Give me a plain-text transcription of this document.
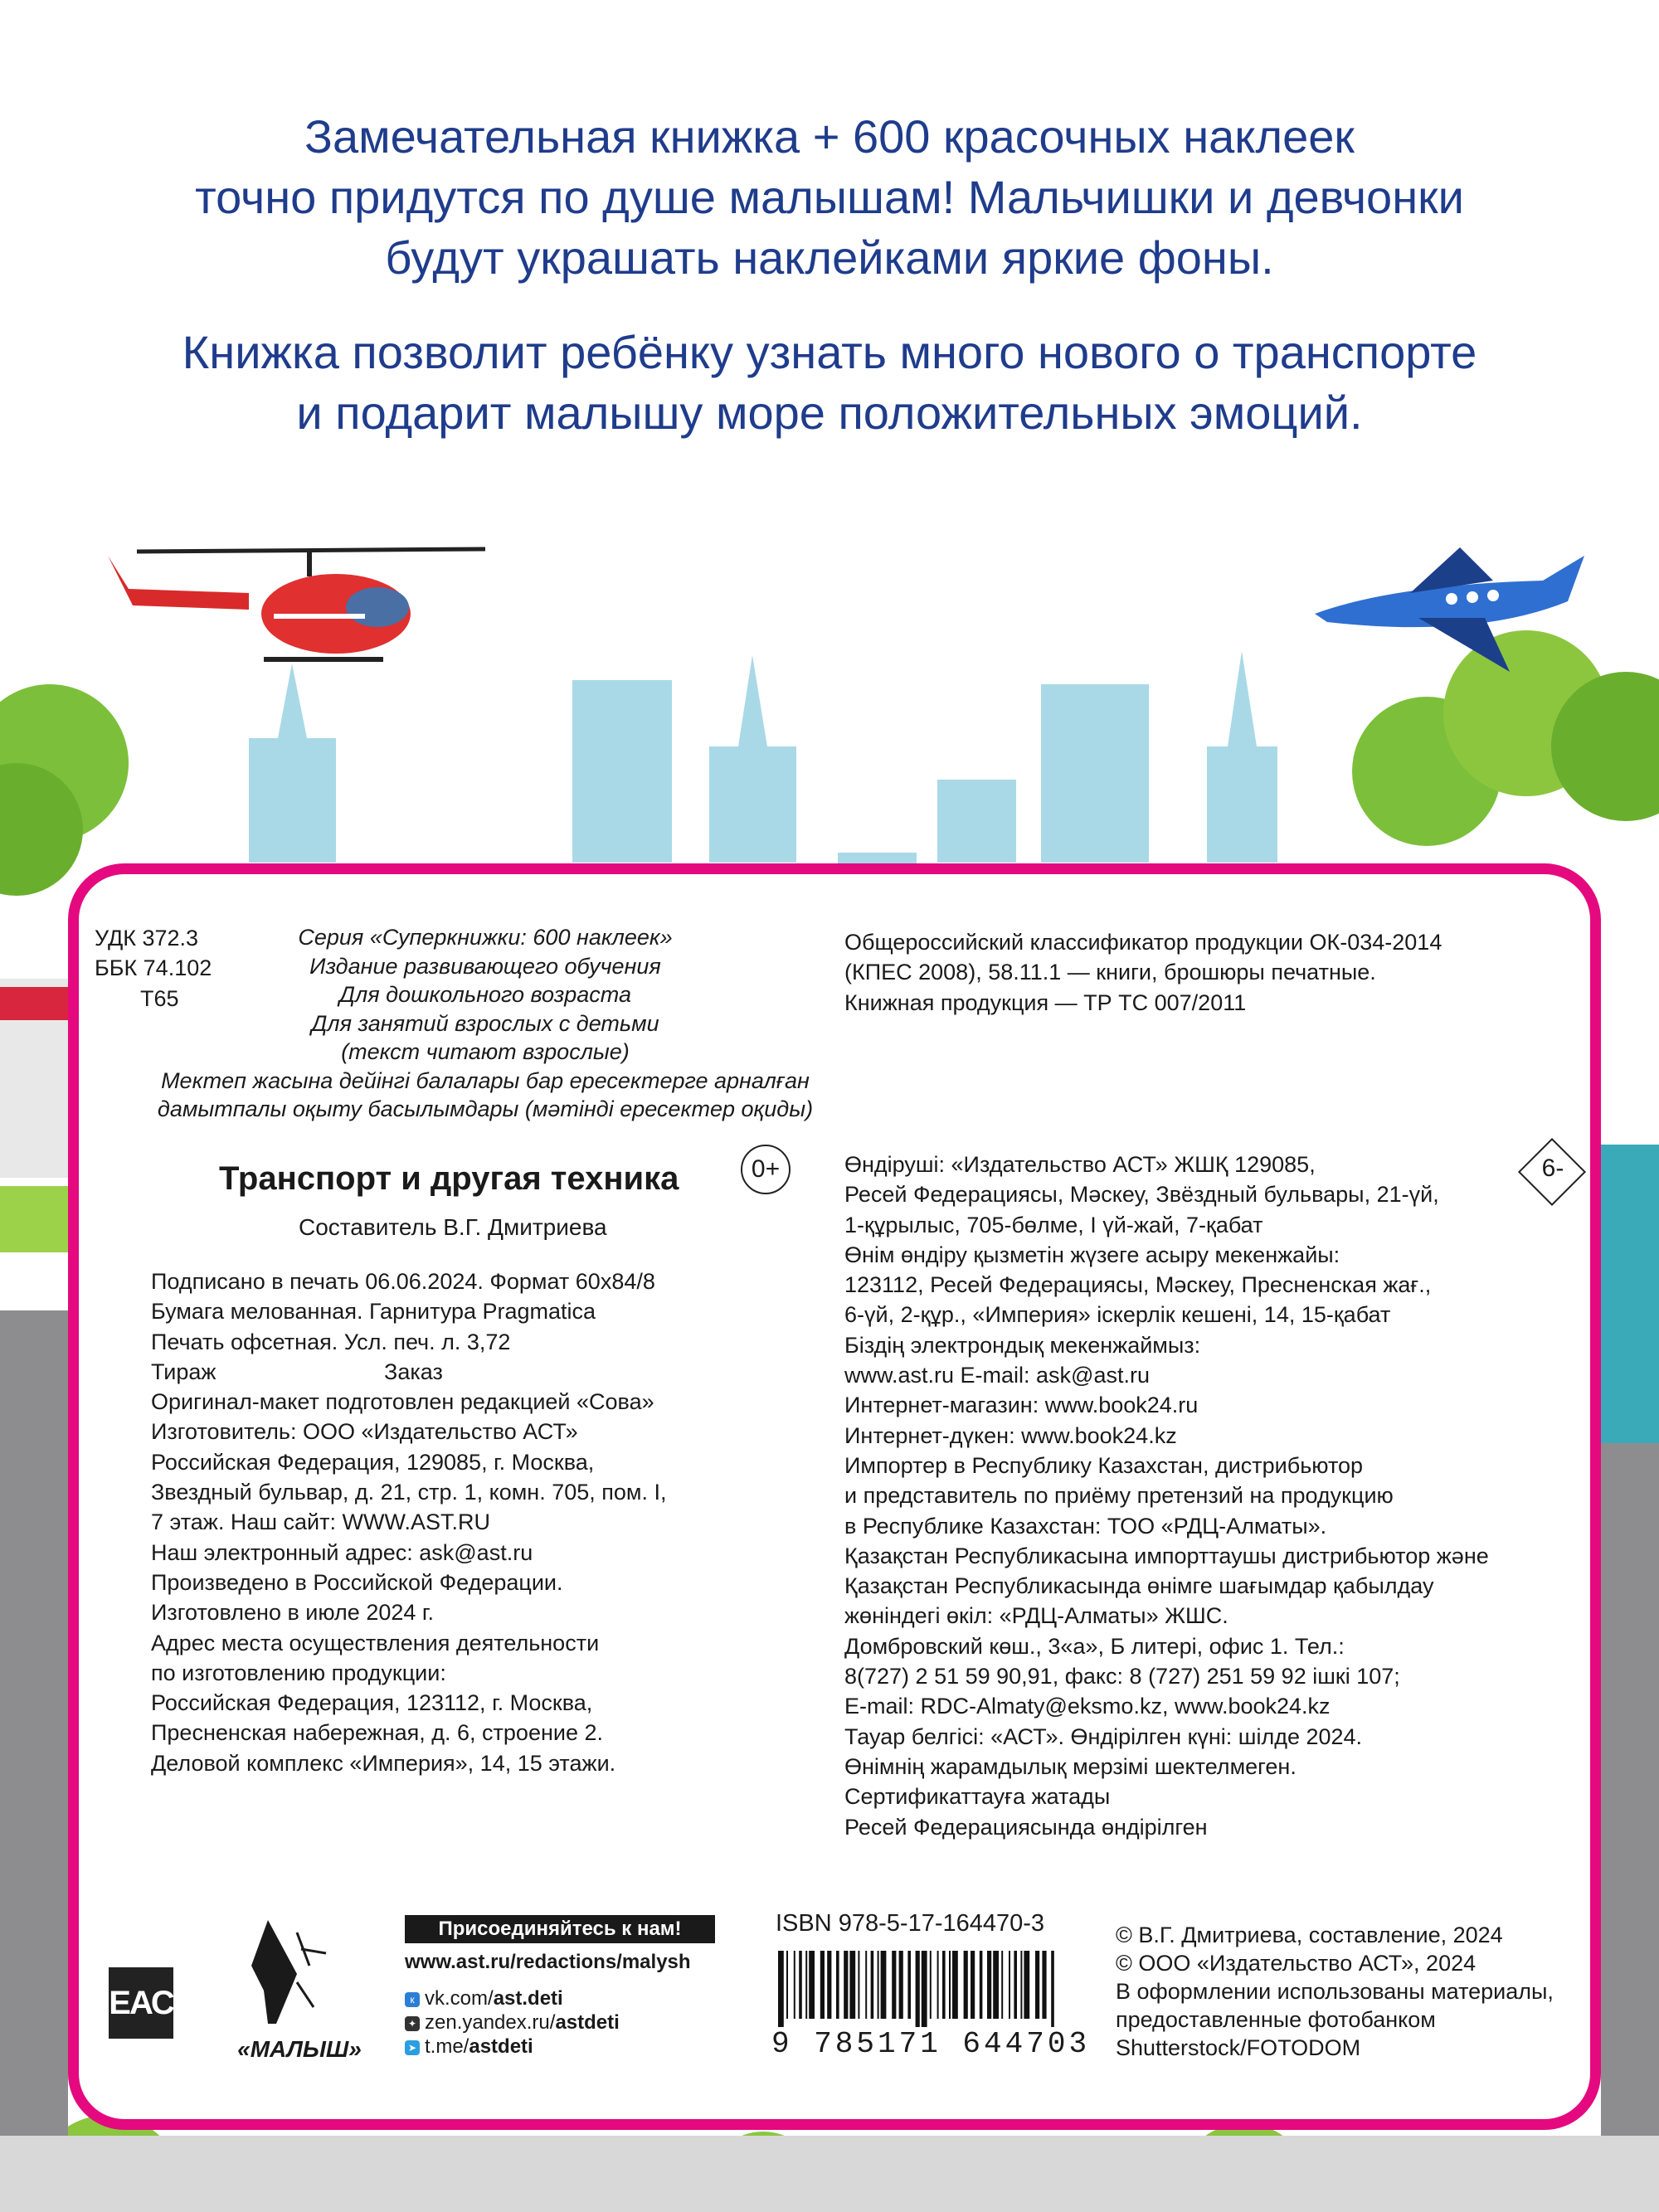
Замечательная книжка + 600 красочных наклеек
точно придутся по душе малышам! Мальчишки и девчонки
будут украшать наклейками яркие фоны.
Книжка позволит ребёнку узнать много нового о транспорте
и подарит малышу море положительных эмоций.
УДК 372.3
ББК 74.102
Т65
Серия «Суперкнижки: 600 наклеек»
Издание развивающего обучения
Для дошкольного возраста
Для занятий взрослых с детьми
(текст читают взрослые)
Мектеп жасына дейінгі балалары бар ересектерге арналған
дамытпалы оқыту басылымдары (мәтінді ересектер оқиды)
Общероссийский классификатор продукции ОК-034-2014
(КПЕС 2008), 58.11.1 — книги, брошюры печатные.
Книжная продукция — ТР ТС 007/2011
Транспорт и другая техника	0+
Составитель В.Г. Дмитриева
Подписано в печать 06.06.2024. Формат 60x84/8
Бумага мелованная. Гарнитура Pragmatica
Печать офсетная. Усл. печ. л. 3,72
Тираж                           Заказ
Оригинал-макет подготовлен редакцией «Сова»
Изготовитель: ООО «Издательство АСТ»
Российская Федерация, 129085, г. Москва,
Звездный бульвар, д. 21, стр. 1, комн. 705, пом. I,
7 этаж. Наш сайт: WWW.AST.RU
Наш электронный адрес: ask@ast.ru
Произведено в Российской Федерации.
Изготовлено в июле 2024 г.
Адрес места осуществления деятельности
по изготовлению продукции:
Российская Федерация, 123112, г. Москва,
Пресненская набережная, д. 6, строение 2.
Деловой комплекс «Империя», 14, 15 этажи.
Өндіруші: «Издательство АСТ» ЖШҚ 129085,
Ресей Федерациясы, Мәскеу, Звёздный бульвары, 21-үй,
1-құрылыс, 705-бөлме, I үй-жай, 7-қабат
Өнім өндіру қызметін жүзеге асыру мекенжайы:
123112, Ресей Федерациясы, Мәскеу, Пресненская жағ.,
6-үй, 2-құр., «Империя» іскерлік кешені, 14, 15-қабат
Біздің электрондық мекенжаймыз:
www.ast.ru E-mail: ask@ast.ru
Интернет-магазин: www.book24.ru
Интернет-дүкен: www.book24.kz
Импортер в Республику Казахстан, дистрибьютор
и представитель по приёму претензий на продукцию
в Республике Казахстан: ТОО «РДЦ-Алматы».
Қазақстан Республикасына импорттаушы дистрибьютор және
Қазақстан Республикасында өнімге шағымдар қабылдау
жөніндегі өкіл: «РДЦ-Алматы» ЖШС.
Домбровский көш., 3«а», Б литері, офис 1. Тел.:
8(727) 2 51 59 90,91, факс: 8 (727) 251 59 92 ішкі 107;
E-mail: RDC-Almaty@eksmo.kz, www.book24.kz
Тауар белгісі: «АСТ». Өндірілген күні: шілде 2024.
Өнімнің жарамдылық мерзімі шектелмеген.
Сертификаттауға жатады
Ресей Федерациясында өндірілген
6-
ЕАС
«МАЛЫШ»
Присоединяйтесь к нам!
www.ast.ru/redactions/malysh
к vk.com/ast.deti
✦ zen.yandex.ru/astdeti
➤ t.me/astdeti
ISBN 978-5-17-164470-3
9 785171 644703
© В.Г. Дмитриева, составление, 2024
© ООО «Издательство АСТ», 2024
В оформлении использованы материалы,
предоставленные фотобанком
Shutterstock/FOTODOM
